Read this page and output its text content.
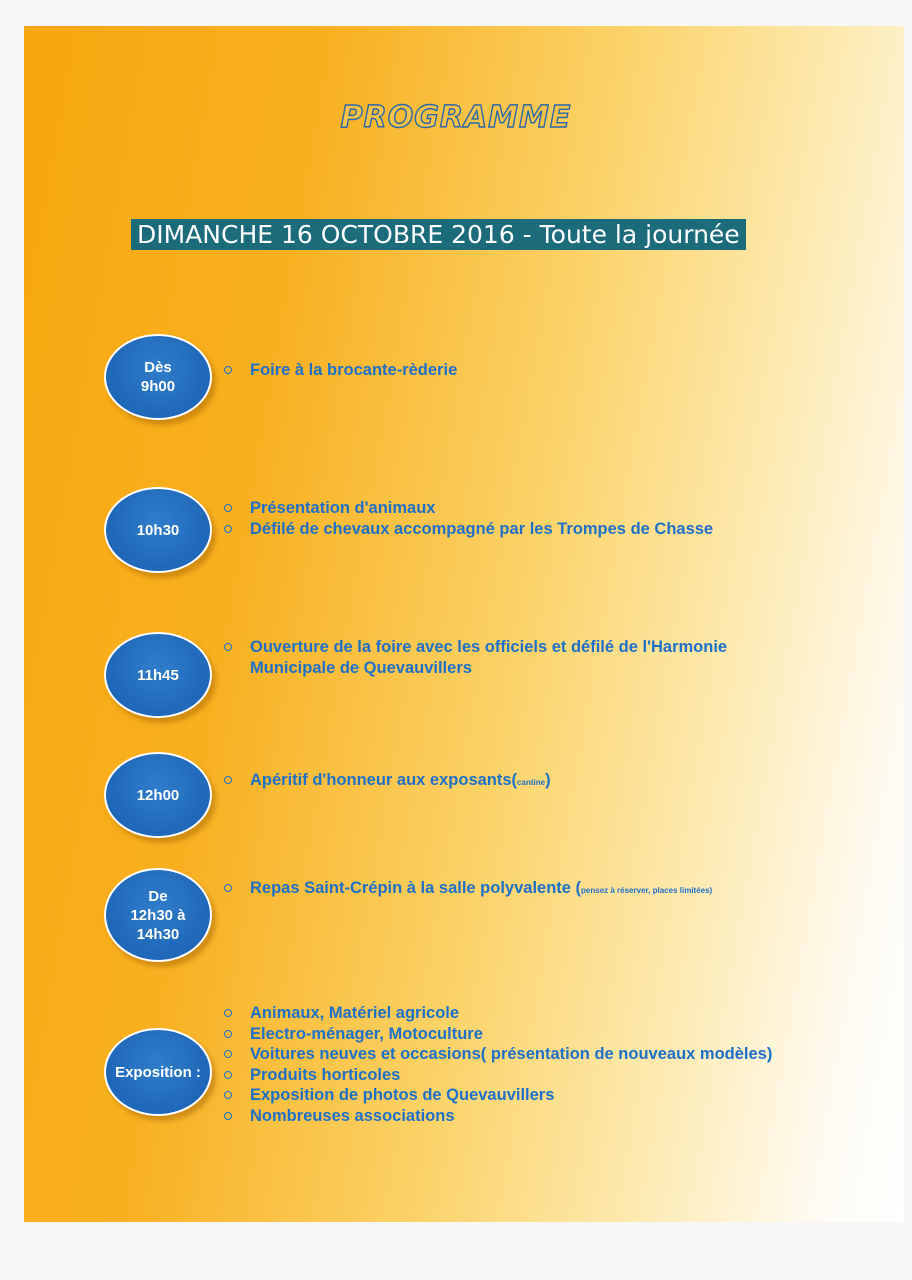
PROGRAMME
DIMANCHE 16 OCTOBRE 2016 - Toute la journée
Dès
9h00
Foire à la brocante-rèderie
10h30
Présentation d'animaux
Défilé de chevaux accompagné par les Trompes de Chasse
11h45
Ouverture de la foire avec les officiels et défilé de l'Harmonie Municipale de Quevauvillers
12h00
Apéritif d'honneur aux exposants(cantine)
De
12h30 à
14h30
Repas Saint-Crépin à la salle polyvalente (pensez à réserver, places limitées)
Exposition :
Animaux, Matériel agricole
Electro-ménager, Motoculture
Voitures neuves et occasions( présentation de nouveaux modèles)
Produits horticoles
Exposition de photos de Quevauvillers
Nombreuses associations
